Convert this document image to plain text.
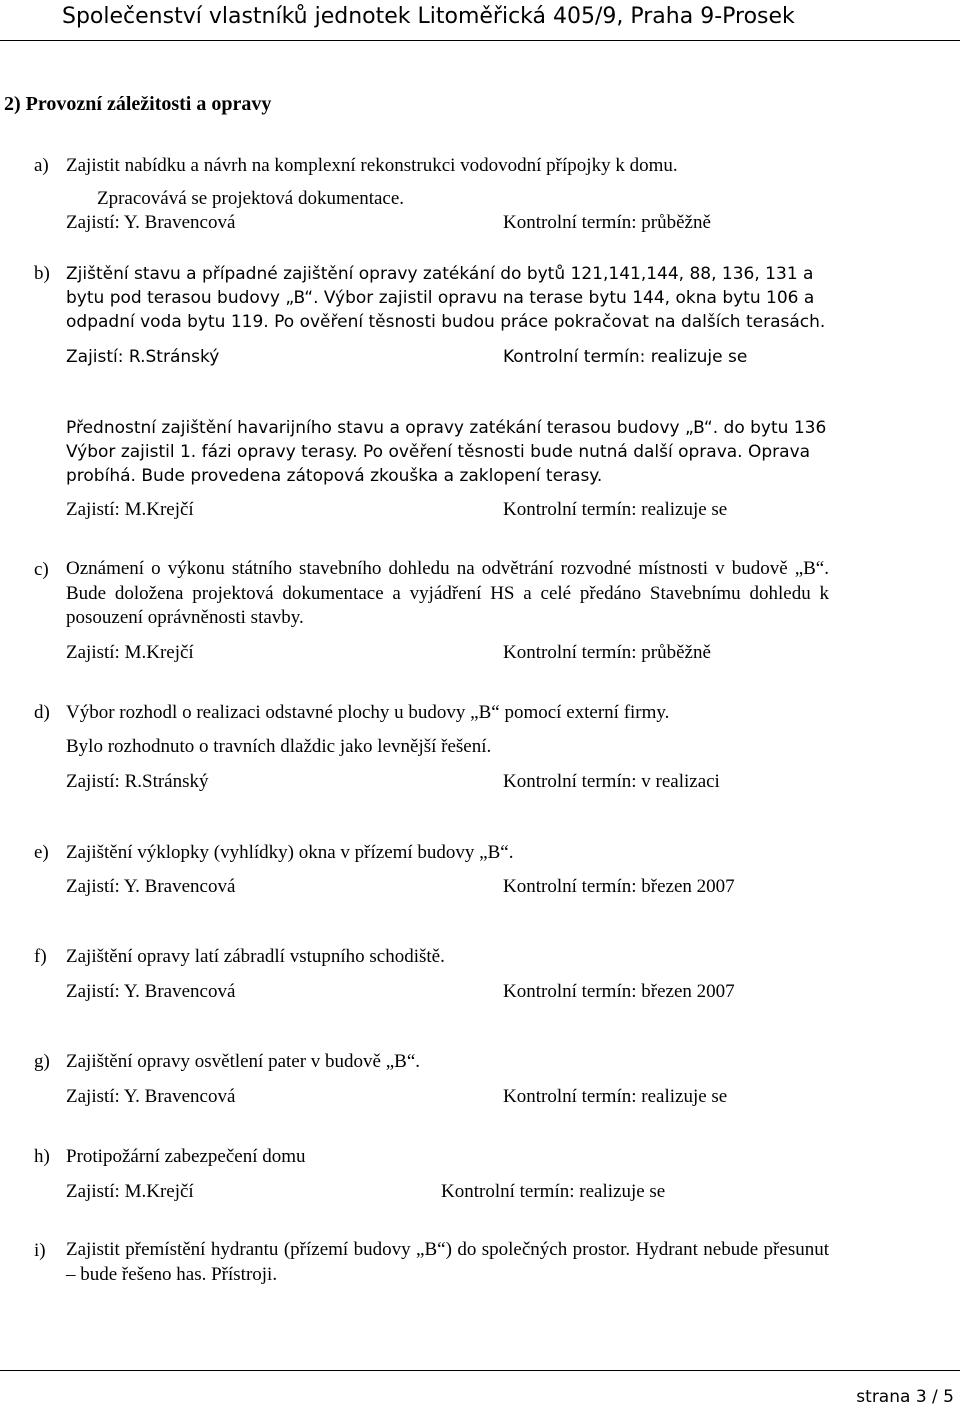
Společenství vlastníků jednotek Litoměřická 405/9, Praha 9-Prosek
2) Provozní záležitosti a opravy
a) Zajistit nabídku a návrh na komplexní rekonstrukci vodovodní přípojky k domu.
Zpracovává se projektová dokumentace.
Zajistí: Y. Bravencová	Kontrolní termín: průběžně
b) Zjištění stavu a případné zajištění opravy zatékání do bytů 121,141,144, 88, 136, 131 a
bytu pod terasou budovy „B“. Výbor zajistil opravu na terase bytu 144, okna bytu 106 a
odpadní voda bytu 119. Po ověření těsnosti budou práce pokračovat na dalších terasách.
Zajistí: R.Stránský	Kontrolní termín: realizuje se
Přednostní zajištění havarijního stavu a opravy zatékání terasou budovy „B“. do bytu 136
Výbor zajistil 1. fázi opravy terasy. Po ověření těsnosti bude nutná další oprava. Oprava
probíhá. Bude provedena zátopová zkouška a zaklopení terasy.
Zajistí: M.Krejčí	Kontrolní termín: realizuje se
c) Oznámení o výkonu státního stavebního dohledu na odvětrání rozvodné místnosti v budově „B“. Bude doložena projektová dokumentace a vyjádření HS a celé předáno Stavebnímu dohledu k posouzení oprávněnosti stavby.
Zajistí: M.Krejčí	Kontrolní termín: průběžně
d) Výbor rozhodl o realizaci odstavné plochy u budovy „B“ pomocí externí firmy.
Bylo rozhodnuto o travních dlaždic jako levnější řešení.
Zajistí: R.Stránský	Kontrolní termín: v realizaci
e) Zajištění výklopky (vyhlídky) okna v přízemí budovy „B“.
Zajistí: Y. Bravencová	Kontrolní termín: březen 2007
f) Zajištění opravy latí zábradlí vstupního schodiště.
Zajistí: Y. Bravencová	Kontrolní termín: březen 2007
g) Zajištění opravy osvětlení pater v budově „B“.
Zajistí: Y. Bravencová	Kontrolní termín: realizuje se
h) Protipožární zabezpečení domu
Zajistí: M.Krejčí	Kontrolní termín: realizuje se
i) Zajistit přemístění hydrantu (přízemí budovy „B“) do společných prostor. Hydrant nebude přesunut – bude řešeno has. Přístroji.
strana 3 / 5
